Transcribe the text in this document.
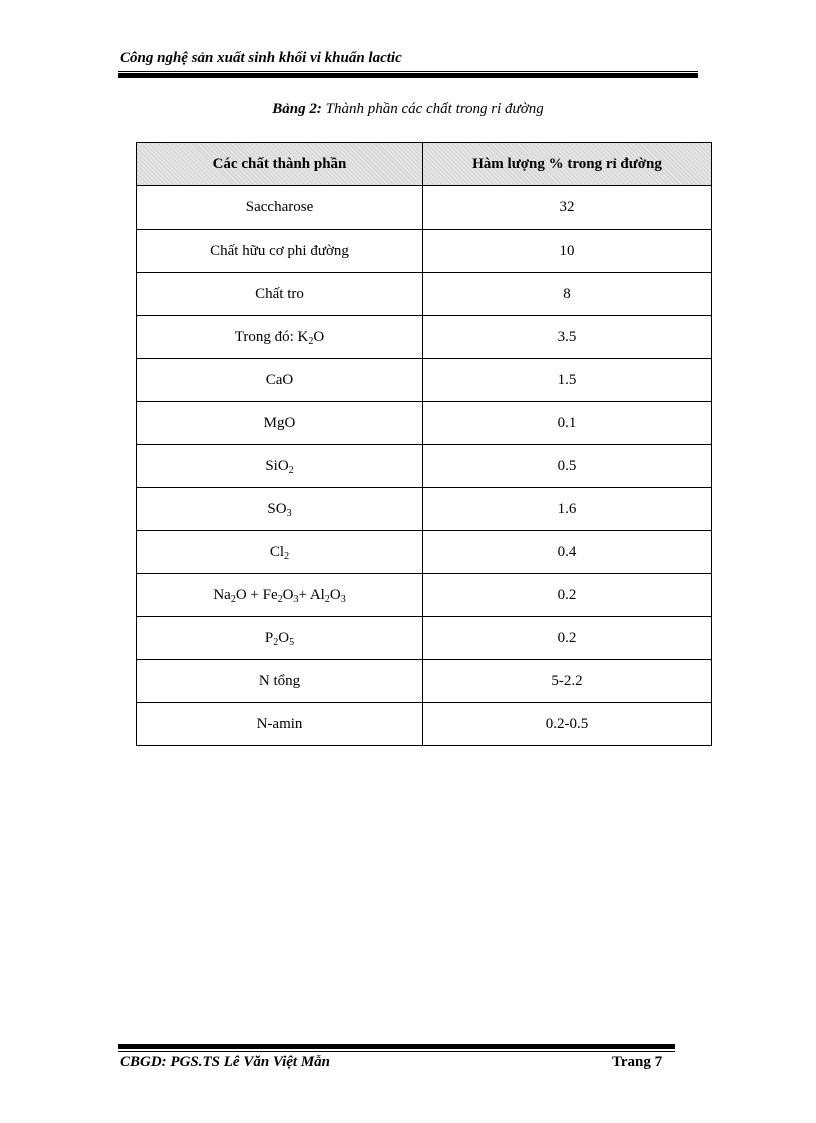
Công nghệ sản xuất sinh khối vi khuẩn lactic
Bảng 2: Thành phần các chất trong rỉ đường
Các chất thành phần	Hàm lượng % trong rỉ đường
Saccharose	32
Chất hữu cơ phi đường	10
Chất tro	8
Trong đó: $K_2O$	3.5
CaO	1.5
MgO	0.1
SiO$_2$	0.5
$SO_3$	1.6
$Cl_2$	0.4
$Na_2O + Fe_2O_3+ Al_2O_3$	0.2
$P_2O_5$	0.2
N tổng	5-2.2
N-amin	0.2-0.5
CBGD: PGS.TS Lê Văn Việt Mẫn	Trang 7
